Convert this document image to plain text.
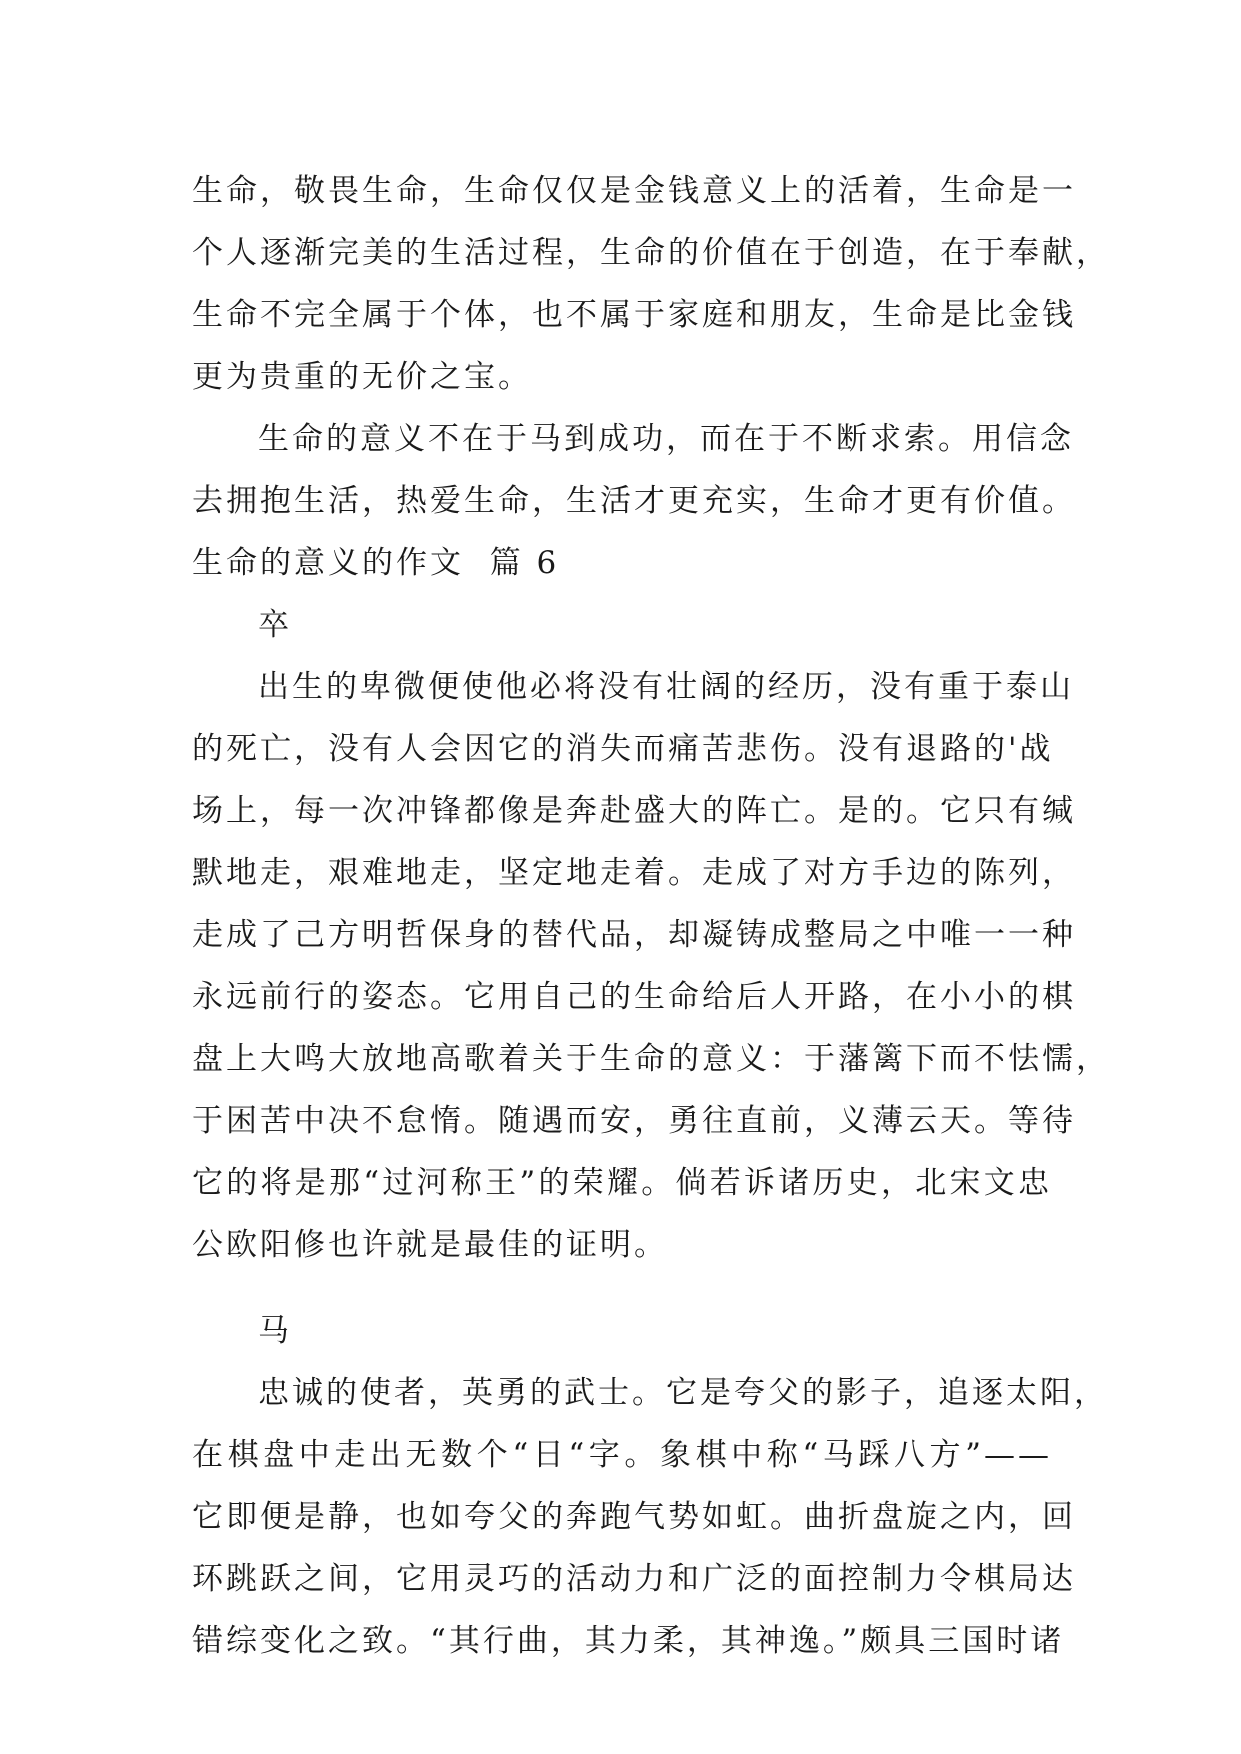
生命，敬畏生命，生命仅仅是金钱意义上的活着，生命是一
个人逐渐完美的生活过程，生命的价值在于创造，在于奉献，
生命不完全属于个体，也不属于家庭和朋友，生命是比金钱
更为贵重的无价之宝。
生命的意义不在于马到成功，而在于不断求索。用信念
去拥抱生活，热爱生命，生活才更充实，生命才更有价值。
生命的意义的作文  篇 6
卒
出生的卑微便使他必将没有壮阔的经历，没有重于泰山
的死亡，没有人会因它的消失而痛苦悲伤。没有退路的'战
场上，每一次冲锋都像是奔赴盛大的阵亡。是的。它只有缄
默地走，艰难地走，坚定地走着。走成了对方手边的陈列，
走成了己方明哲保身的替代品，却凝铸成整局之中唯一一种
永远前行的姿态。它用自己的生命给后人开路，在小小的棋
盘上大鸣大放地高歌着关于生命的意义：于藩篱下而不怯懦，
于困苦中决不怠惰。随遇而安，勇往直前，义薄云天。等待
它的将是那“过河称王”的荣耀。倘若诉诸历史，北宋文忠
公欧阳修也许就是最佳的证明。
马
忠诚的使者，英勇的武士。它是夸父的影子，追逐太阳，
在棋盘中走出无数个“日“字。象棋中称“马踩八方”——
它即便是静，也如夸父的奔跑气势如虹。曲折盘旋之内，回
环跳跃之间，它用灵巧的活动力和广泛的面控制力令棋局达
错综变化之致。“其行曲，其力柔，其神逸。”颇具三国时诸
